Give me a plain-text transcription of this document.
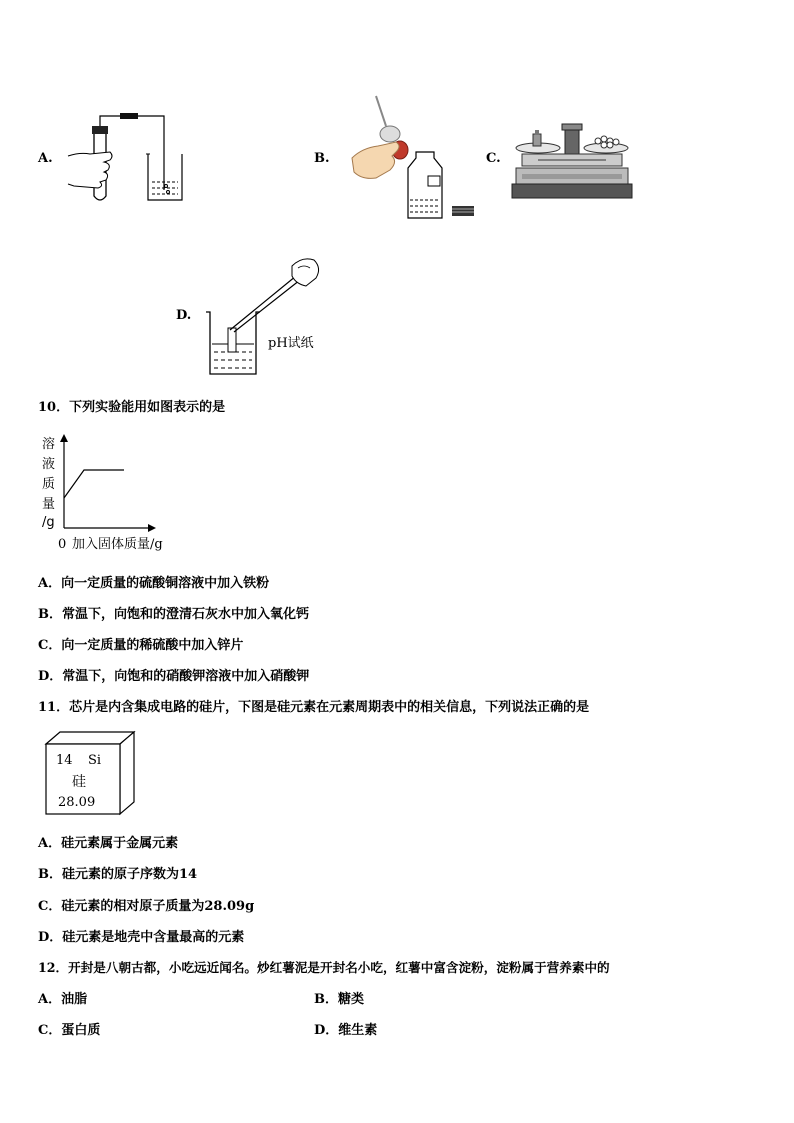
A.	B.	C.
D.
pH试纸
10．下列实验能用如图表示的是
溶
液
质
量
/g
0 加入固体质量/g
A．向一定质量的硫酸铜溶液中加入铁粉
B．常温下，向饱和的澄清石灰水中加入氧化钙
C．向一定质量的稀硫酸中加入锌片
D．常温下，向饱和的硝酸钾溶液中加入硝酸钾
11．芯片是内含集成电路的硅片，下图是硅元素在元素周期表中的相关信息，下列说法正确的是
14 Si
硅
28.09
A．硅元素属于金属元素
B．硅元素的原子序数为14
C．硅元素的相对原子质量为28.09g
D．硅元素是地壳中含量最高的元素
12．开封是八朝古都，小吃远近闻名。炒红薯泥是开封名小吃，红薯中富含淀粉，淀粉属于营养素中的
A．油脂	B．糖类
C．蛋白质	D．维生素
